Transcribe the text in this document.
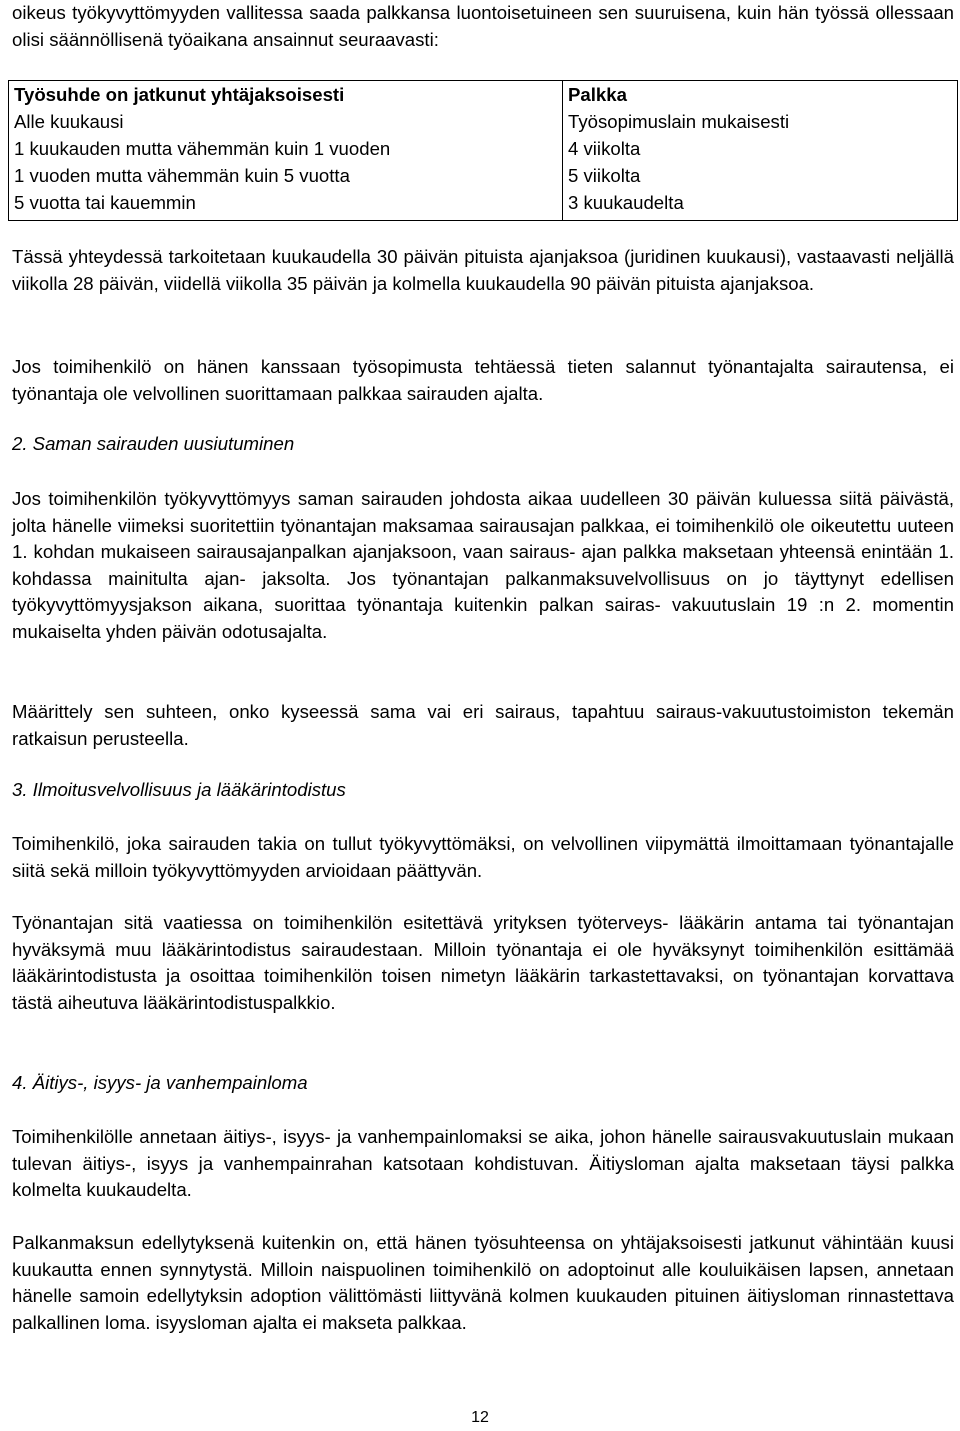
oikeus työkyvyttömyyden vallitessa saada palkkansa luontoisetuineen sen suuruisena, kuin hän työssä ollessaan olisi säännöllisenä työaikana ansainnut seuraavasti:

Työsuhde on jatkunut yhtäjaksoisesti	Palkka
Alle kuukausi	Työsopimuslain mukaisesti
1 kuukauden mutta vähemmän kuin 1 vuoden	4 viikolta
1 vuoden mutta vähemmän kuin 5 vuotta	5 viikolta
5 vuotta tai kauemmin	3 kuukaudelta

Tässä yhteydessä tarkoitetaan kuukaudella 30 päivän pituista ajanjaksoa (juridinen kuukausi), vastaavasti neljällä viikolla 28 päivän, viidellä viikolla 35 päivän ja kolmella kuukaudella 90 päivän pituista ajanjaksoa.

Jos toimihenkilö on hänen kanssaan työsopimusta tehtäessä tieten salannut työnantajalta sairautensa, ei työnantaja ole velvollinen suorittamaan palkkaa sairauden ajalta.

2. Saman sairauden uusiutuminen

Jos toimihenkilön työkyvyttömyys saman sairauden johdosta aikaa uudelleen 30 päivän kuluessa siitä päivästä, jolta hänelle viimeksi suoritettiin työnantajan maksamaa sairausajan palkkaa, ei toimihenkilö ole oikeutettu uuteen 1. kohdan mukaiseen sairausajanpalkan ajanjaksoon, vaan sairaus- ajan palkka maksetaan yhteensä enintään 1. kohdassa mainitulta ajan- jaksolta. Jos työnantajan palkanmaksuvelvollisuus on jo täyttynyt edellisen työkyvyttömyysjakson aikana, suorittaa työnantaja kuitenkin palkan sairas- vakuutuslain 19 :n 2. momentin mukaiselta yhden päivän odotusajalta.

Määrittely sen suhteen, onko kyseessä sama vai eri sairaus, tapahtuu sairaus-vakuutustoimiston tekemän ratkaisun perusteella.

3. Ilmoitusvelvollisuus ja lääkärintodistus

Toimihenkilö, joka sairauden takia on tullut työkyvyttömäksi, on velvollinen viipymättä ilmoittamaan työnantajalle siitä sekä milloin työkyvyttömyyden arvioidaan päättyvän.

Työnantajan sitä vaatiessa on toimihenkilön esitettävä yrityksen työterveys- lääkärin antama tai työnantajan hyväksymä muu lääkärintodistus sairaudestaan. Milloin työnantaja ei ole hyväksynyt toimihenkilön esittämää lääkärintodistusta ja osoittaa toimihenkilön toisen nimetyn lääkärin tarkastettavaksi, on työnantajan korvattava tästä aiheutuva lääkärintodistuspalkkio.

4. Äitiys-, isyys- ja vanhempainloma

Toimihenkilölle annetaan äitiys-, isyys- ja vanhempainlomaksi se aika, johon hänelle sairausvakuutuslain mukaan tulevan äitiys-, isyys ja vanhempainrahan katsotaan kohdistuvan. Äitiysloman ajalta maksetaan täysi palkka kolmelta kuukaudelta.

Palkanmaksun edellytyksenä kuitenkin on, että hänen työsuhteensa on yhtäjaksoisesti jatkunut vähintään kuusi kuukautta ennen synnytystä. Milloin naispuolinen toimihenkilö on adoptoinut alle kouluikäisen lapsen, annetaan hänelle samoin edellytyksin adoption välittömästi liittyvänä kolmen kuukauden pituinen äitiysloman rinnastettava palkallinen loma. isyysloman ajalta ei makseta palkkaa.

12
